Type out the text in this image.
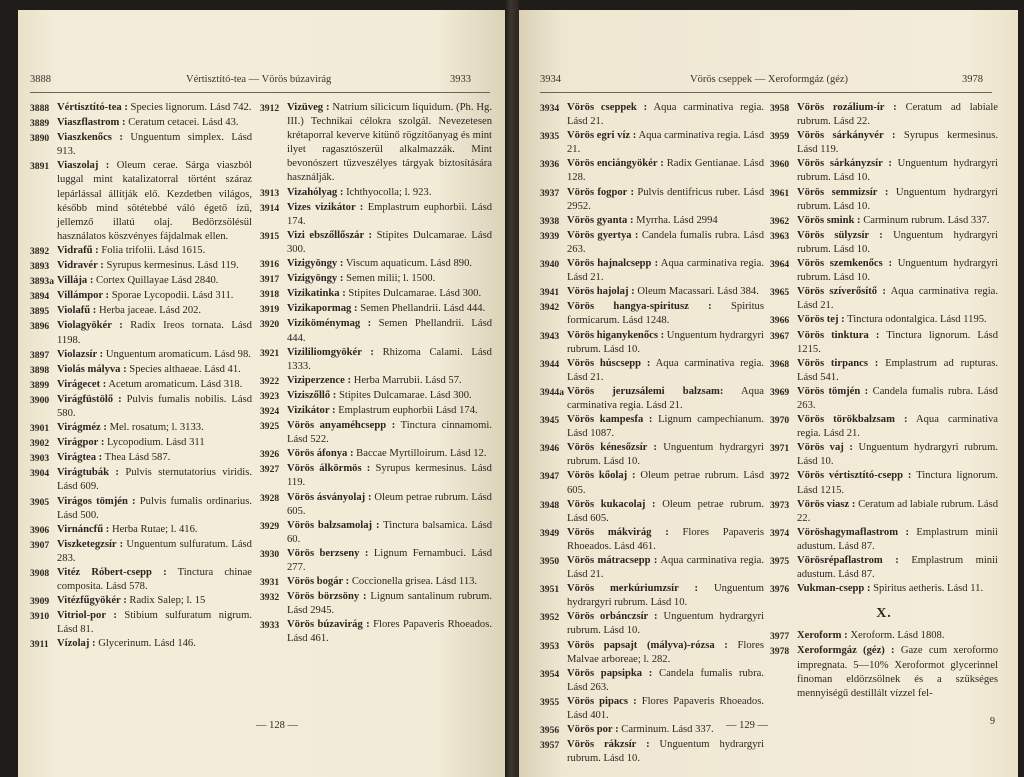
3888	Vértisztító-tea — Vörös búzavirág	3933
3888 Vértisztító-tea : Species lignorum. Lásd 742.
3889 Viaszflastrom : Ceratum cetacei. Lásd 43.
3890 Viaszkenőcs : Unguentum simplex. Lásd 913.
3891 Viaszolaj : Oleum cerae. Sárga viaszból luggal mint katalizatorral történt száraz lepárlással állítják elő. Kezdetben világos, később mind sötétebbé váló égető ízű, jellemző illatú olaj. Bedörzsölésül használatos köszvényes fájdalmak ellen.
3892 Vidrafű : Folia trifolii. Lásd 1615.
3893 Vidravér : Syrupus kermesinus. Lásd 119.
3893a Villája : Cortex Quillayae Lásd 2840.
3894 Villámpor : Sporae Lycopodii. Lásd 311.
3895 Violafű : Herba jaceae. Lásd 202.
3896 Violagyökér : Radix Ireos tornata. Lásd 1198.
3897 Violazsír : Unguentum aromaticum. Lásd 98.
3898 Violás mályva : Species althaeae. Lásd 41.
3899 Virágecet : Acetum aromaticum. Lásd 318.
3900 Virágfüstölő : Pulvis fumalis nobilis. Lásd 580.
3901 Virágméz : Mel. rosatum; l. 3133.
3902 Virágpor : Lycopodium. Lásd 311
3903 Virágtea : Thea Lásd 587.
3904 Virágtubák : Pulvis sternutatorius viridis. Lásd 609.
3905 Virágos tömjén : Pulvis fumalis ordinarius. Lásd 500.
3906 Virnáncfű : Herba Rutae; l. 416.
3907 Viszketegzsír : Unguentum sulfuratum. Lásd 283.
3908 Vitéz Róbert-csepp : Tinctura chinae composita. Lásd 578.
3909 Vitézfűgyökér : Radix Salep; l. 15
3910 Vitriol-por : Stibium sulfuratum nigrum. Lásd 81.
3911 Vízolaj : Glycerinum. Lásd 146.
3912 Vizüveg : Natrium silicicum liquidum. (Ph. Hg. III.) Technikai célokra szolgál. Nevezetesen krétaporral keverve kitünő rögzítőanyag és mint ilyet ragasztószerül alkalmazzák. Mint bevonószert tűzveszélyes tárgyak biztosítására használják.
3913 Vizahólyag : Ichthyocolla; l. 923.
3914 Vizes vizikátor : Emplastrum euphorbii. Lásd 174.
3915 Vizi ebszőllőszár : Stipites Dulcamarae. Lásd 300.
3916 Vizigyöngy : Viscum aquaticum. Lásd 890.
3917 Vizigyöngy : Semen milii; l. 1500.
3918 Vizikatinka : Stipites Dulcamarae. Lásd 300.
3919 Vizikapormag : Semen Phellandrii. Lásd 444.
3920 Viziköménymag : Semen Phellandrii. Lásd 444.
3921 Vizililiomgyökér : Rhizoma Calami. Lásd 1333.
3922 Viziperzence : Herba Marrubii. Lásd 57.
3923 Viziszőllő : Stipites Dulcamarae. Lásd 300.
3924 Vizikátor : Emplastrum euphorbii Lásd 174.
3925 Vörös anyaméhcsepp : Tinctura cinnamomi. Lásd 522.
3926 Vörös áfonya : Baccae Myrtilloirum. Lásd 12.
3927 Vörös álkörmös : Syrupus kermesinus. Lásd 119.
3928 Vörös ásványolaj : Oleum petrae rubrum. Lásd 605.
3929 Vörös balzsamolaj : Tinctura balsamica. Lásd 60.
3930 Vörös berzseny : Lignum Fernambuci. Lásd 277.
3931 Vörös bogár : Coccionella grisea. Lásd 113.
3932 Vörös börzsöny : Lignum santalinum rubrum. Lásd 2945.
3933 Vörös búzavirág : Flores Papaveris Rhoeados. Lásd 461.
— 128 —
3934	Vörös cseppek — Xeroformgáz (géz)	3978
3934 Vörös cseppek : Aqua carminativa regia. Lásd 21.
3935 Vörös egri víz : Aqua carminativa regia. Lásd 21.
3936 Vörös enciángyökér : Radix Gentianae. Lásd 128.
3937 Vörös fogpor : Pulvis dentifricus ruber. Lásd 2952.
3938 Vörös gyanta : Myrrha. Lásd 2994
3939 Vörös gyertya : Candela fumalis rubra. Lásd 263.
3940 Vörös hajnalcsepp : Aqua carminativa regia. Lásd 21.
3941 Vörös hajolaj : Oleum Macassari. Lásd 384.
3942 Vörös hangya-spiritusz : Spiritus formicarum. Lásd 1248.
3943 Vörös higanykenőcs : Unguentum hydrargyri rubrum. Lásd 10.
3944 Vörös húscsepp : Aqua carminativa regia. Lásd 21.
3944a Vörös jeruzsálemi balzsam: Aqua carminativa regia. Lásd 21.
3945 Vörös kampesfa : Lignum campechianum. Lásd 1087.
3946 Vörös kénesőzsír : Unguentum hydrargyri rubrum. Lásd 10.
3947 Vörös kőolaj : Oleum petrae rubrum. Lásd 605.
3948 Vörös kukacolaj : Oleum petrae rubrum. Lásd 605.
3949 Vörös mákvirág : Flores Papaveris Rhoeados. Lásd 461.
3950 Vörös mátracsepp : Aqua carminativa regia. Lásd 21.
3951 Vörös merkúriumzsír : Unguentum hydrargyri rubrum. Lásd 10.
3952 Vörös orbánczsír : Unguentum hydrargyri rubrum. Lásd 10.
3953 Vörös papsajt (mályva)-rózsa : Flores Malvae arboreae; l. 282.
3954 Vörös papsipka : Candela fumalis rubra. Lásd 263.
3955 Vörös pipacs : Flores Papaveris Rhoeados. Lásd 401.
3956 Vörös por : Carminum. Lásd 337.
3957 Vörös rákzsír : Unguentum hydrargyri rubrum. Lásd 10.
3958 Vörös rozálium-ír : Ceratum ad labiale rubrum. Lásd 22.
3959 Vörös sárkányvér : Syrupus kermesinus. Lásd 119.
3960 Vörös sárkányzsír : Unguentum hydrargyri rubrum. Lásd 10.
3961 Vörös semmizsír : Unguentum hydrargyri rubrum. Lásd 10.
3962 Vörös smink : Carminum rubrum. Lásd 337.
3963 Vörös sülyzsír : Unguentum hydrargyri rubrum. Lásd 10.
3964 Vörös szemkenőcs : Unguentum hydrargyri rubrum. Lásd 10.
3965 Vörös szíverősítő : Aqua carminativa regia. Lásd 21.
3966 Vörös tej : Tinctura odontalgica. Lásd 1195.
3967 Vörös tinktura : Tinctura lignorum. Lásd 1215.
3968 Vörös tirpancs : Emplastrum ad rupturas. Lásd 541.
3969 Vörös tömjén : Candela fumalis rubra. Lásd 263.
3970 Vörös törökbalzsam : Aqua carminativa regia. Lásd 21.
3971 Vörös vaj : Unguentum hydrargyri rubrum. Lásd 10.
3972 Vörös vértisztító-csepp : Tinctura lignorum. Lásd 1215.
3973 Vörös viasz : Ceratum ad labiale rubrum. Lásd 22.
3974 Vöröshagymaflastrom : Emplastrum minii adustum. Lásd 87.
3975 Vörösrépaflastrom : Emplastrum minii adustum. Lásd 87.
3976 Vukman-csepp : Spiritus aetheris. Lásd 11.
X.
3977 Xeroform : Xeroform. Lásd 1808.
3978 Xeroformgáz (géz) : Gaze cum xeroformo impregnata. 5—10% Xeroformot glycerinnel finoman eldörzsölnek és a szükséges mennyiségű destillált vízzel fel-
— 129 —	9
